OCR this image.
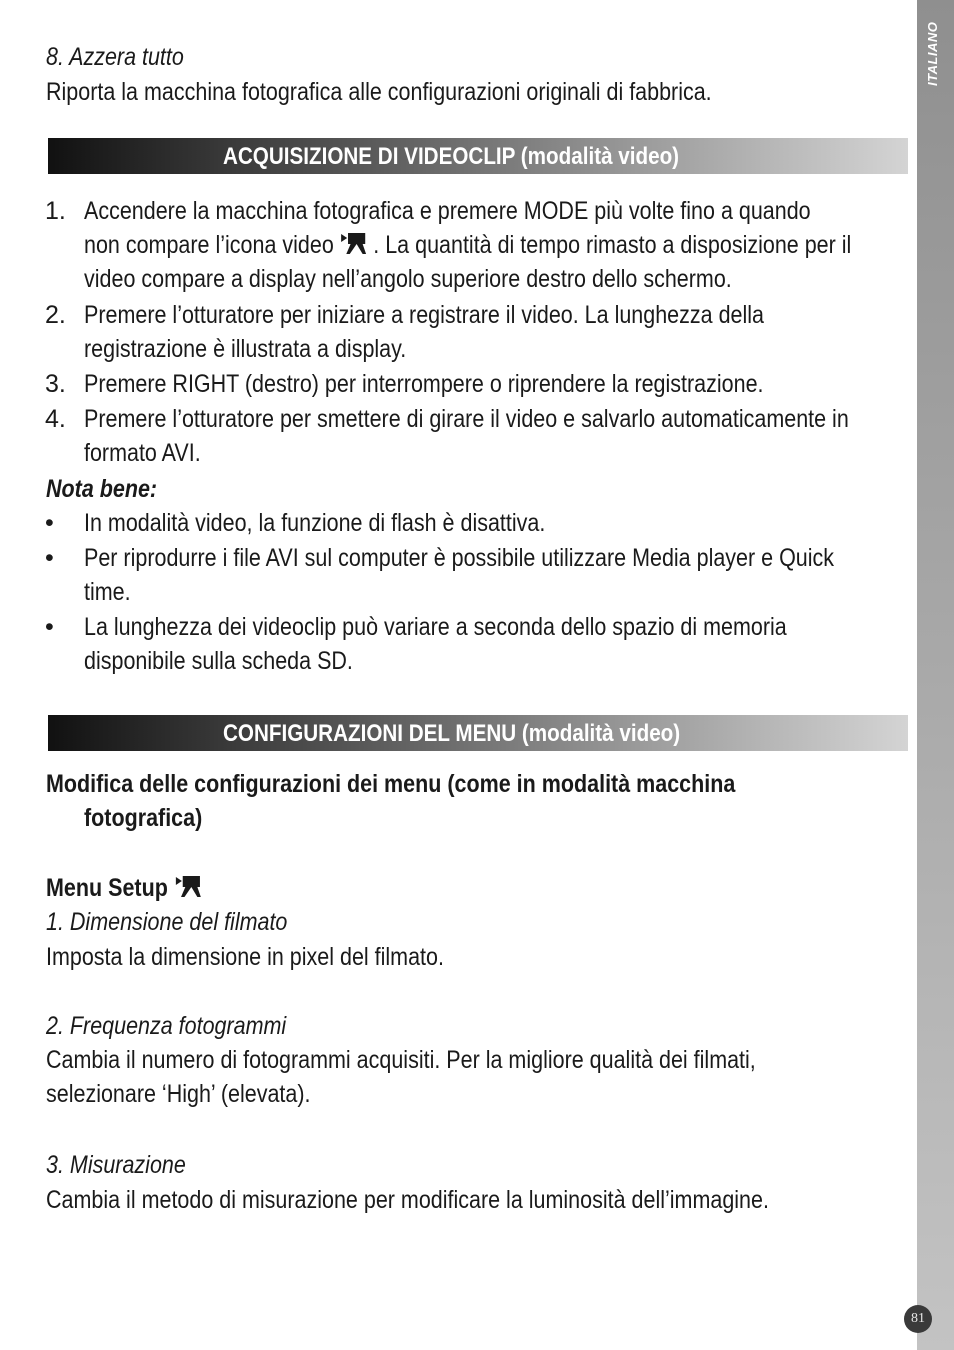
ITALIANO
81
8. Azzera tutto
Riporta la macchina fotografica alle configurazioni originali di fabbrica.
ACQUISIZIONE DI VIDEOCLIP (modalità video)
1. Accendere la macchina fotografica e premere MODE più volte fino a quando
non compare l’icona video . La quantità di tempo rimasto a disposizione per il
video compare a display nell’angolo superiore destro dello schermo.
2. Premere l’otturatore per iniziare a registrare il video. La lunghezza della
registrazione è illustrata a display.
3. Premere RIGHT (destro) per interrompere o riprendere la registrazione.
4. Premere l’otturatore per smettere di girare il video e salvarlo automaticamente in
formato AVI.
Nota bene:
• In modalità video, la funzione di flash è disattiva.
• Per riprodurre i file AVI sul computer è possibile utilizzare Media player e Quick
time.
• La lunghezza dei videoclip può variare a seconda dello spazio di memoria
disponibile sulla scheda SD.
CONFIGURAZIONI DEL MENU (modalità video)
Modifica delle configurazioni dei menu (come in modalità macchina
fotografica)
Menu Setup
1. Dimensione del filmato
Imposta la dimensione in pixel del filmato.
2. Frequenza fotogrammi
Cambia il numero di fotogrammi acquisiti. Per la migliore qualità dei filmati,
selezionare ‘High’ (elevata).
3. Misurazione
Cambia il metodo di misurazione per modificare la luminosità dell’immagine.
